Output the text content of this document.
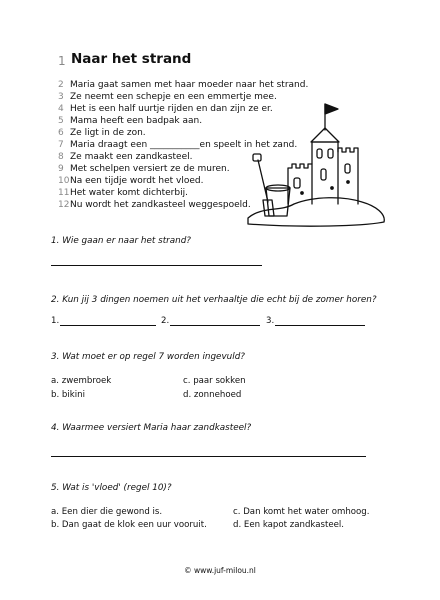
1 Naar het strand
2 Maria gaat samen met haar moeder naar het strand.
3 Ze neemt een schepje en een emmertje mee.
4 Het is een half uurtje rijden en dan zijn ze er.
5 Mama heeft een badpak aan.
6 Ze ligt in de zon.
7 Maria draagt een ___________en speelt in het zand.
8 Ze maakt een zandkasteel.
9 Met schelpen versiert ze de muren.
10Na een tijdje wordt het vloed.
11Het water komt dichterbij.
12Nu wordt het zandkasteel weggespoeld.
1. Wie gaan er naar het strand?
2. Kun jij 3 dingen noemen uit het verhaaltje die echt bij de zomer horen?
1.	2.	3.
3. Wat moet er op regel 7 worden ingevuld?
a. zwembroek
b. bikini
c. paar sokken
d. zonnehoed
4. Waarmee versiert Maria haar zandkasteel?
5. Wat is 'vloed' (regel 10)?
a. Een dier die gewond is.
b. Dan gaat de klok een uur vooruit.
c. Dan komt het water omhoog.
d. Een kapot zandkasteel.
© www.juf-milou.nl
